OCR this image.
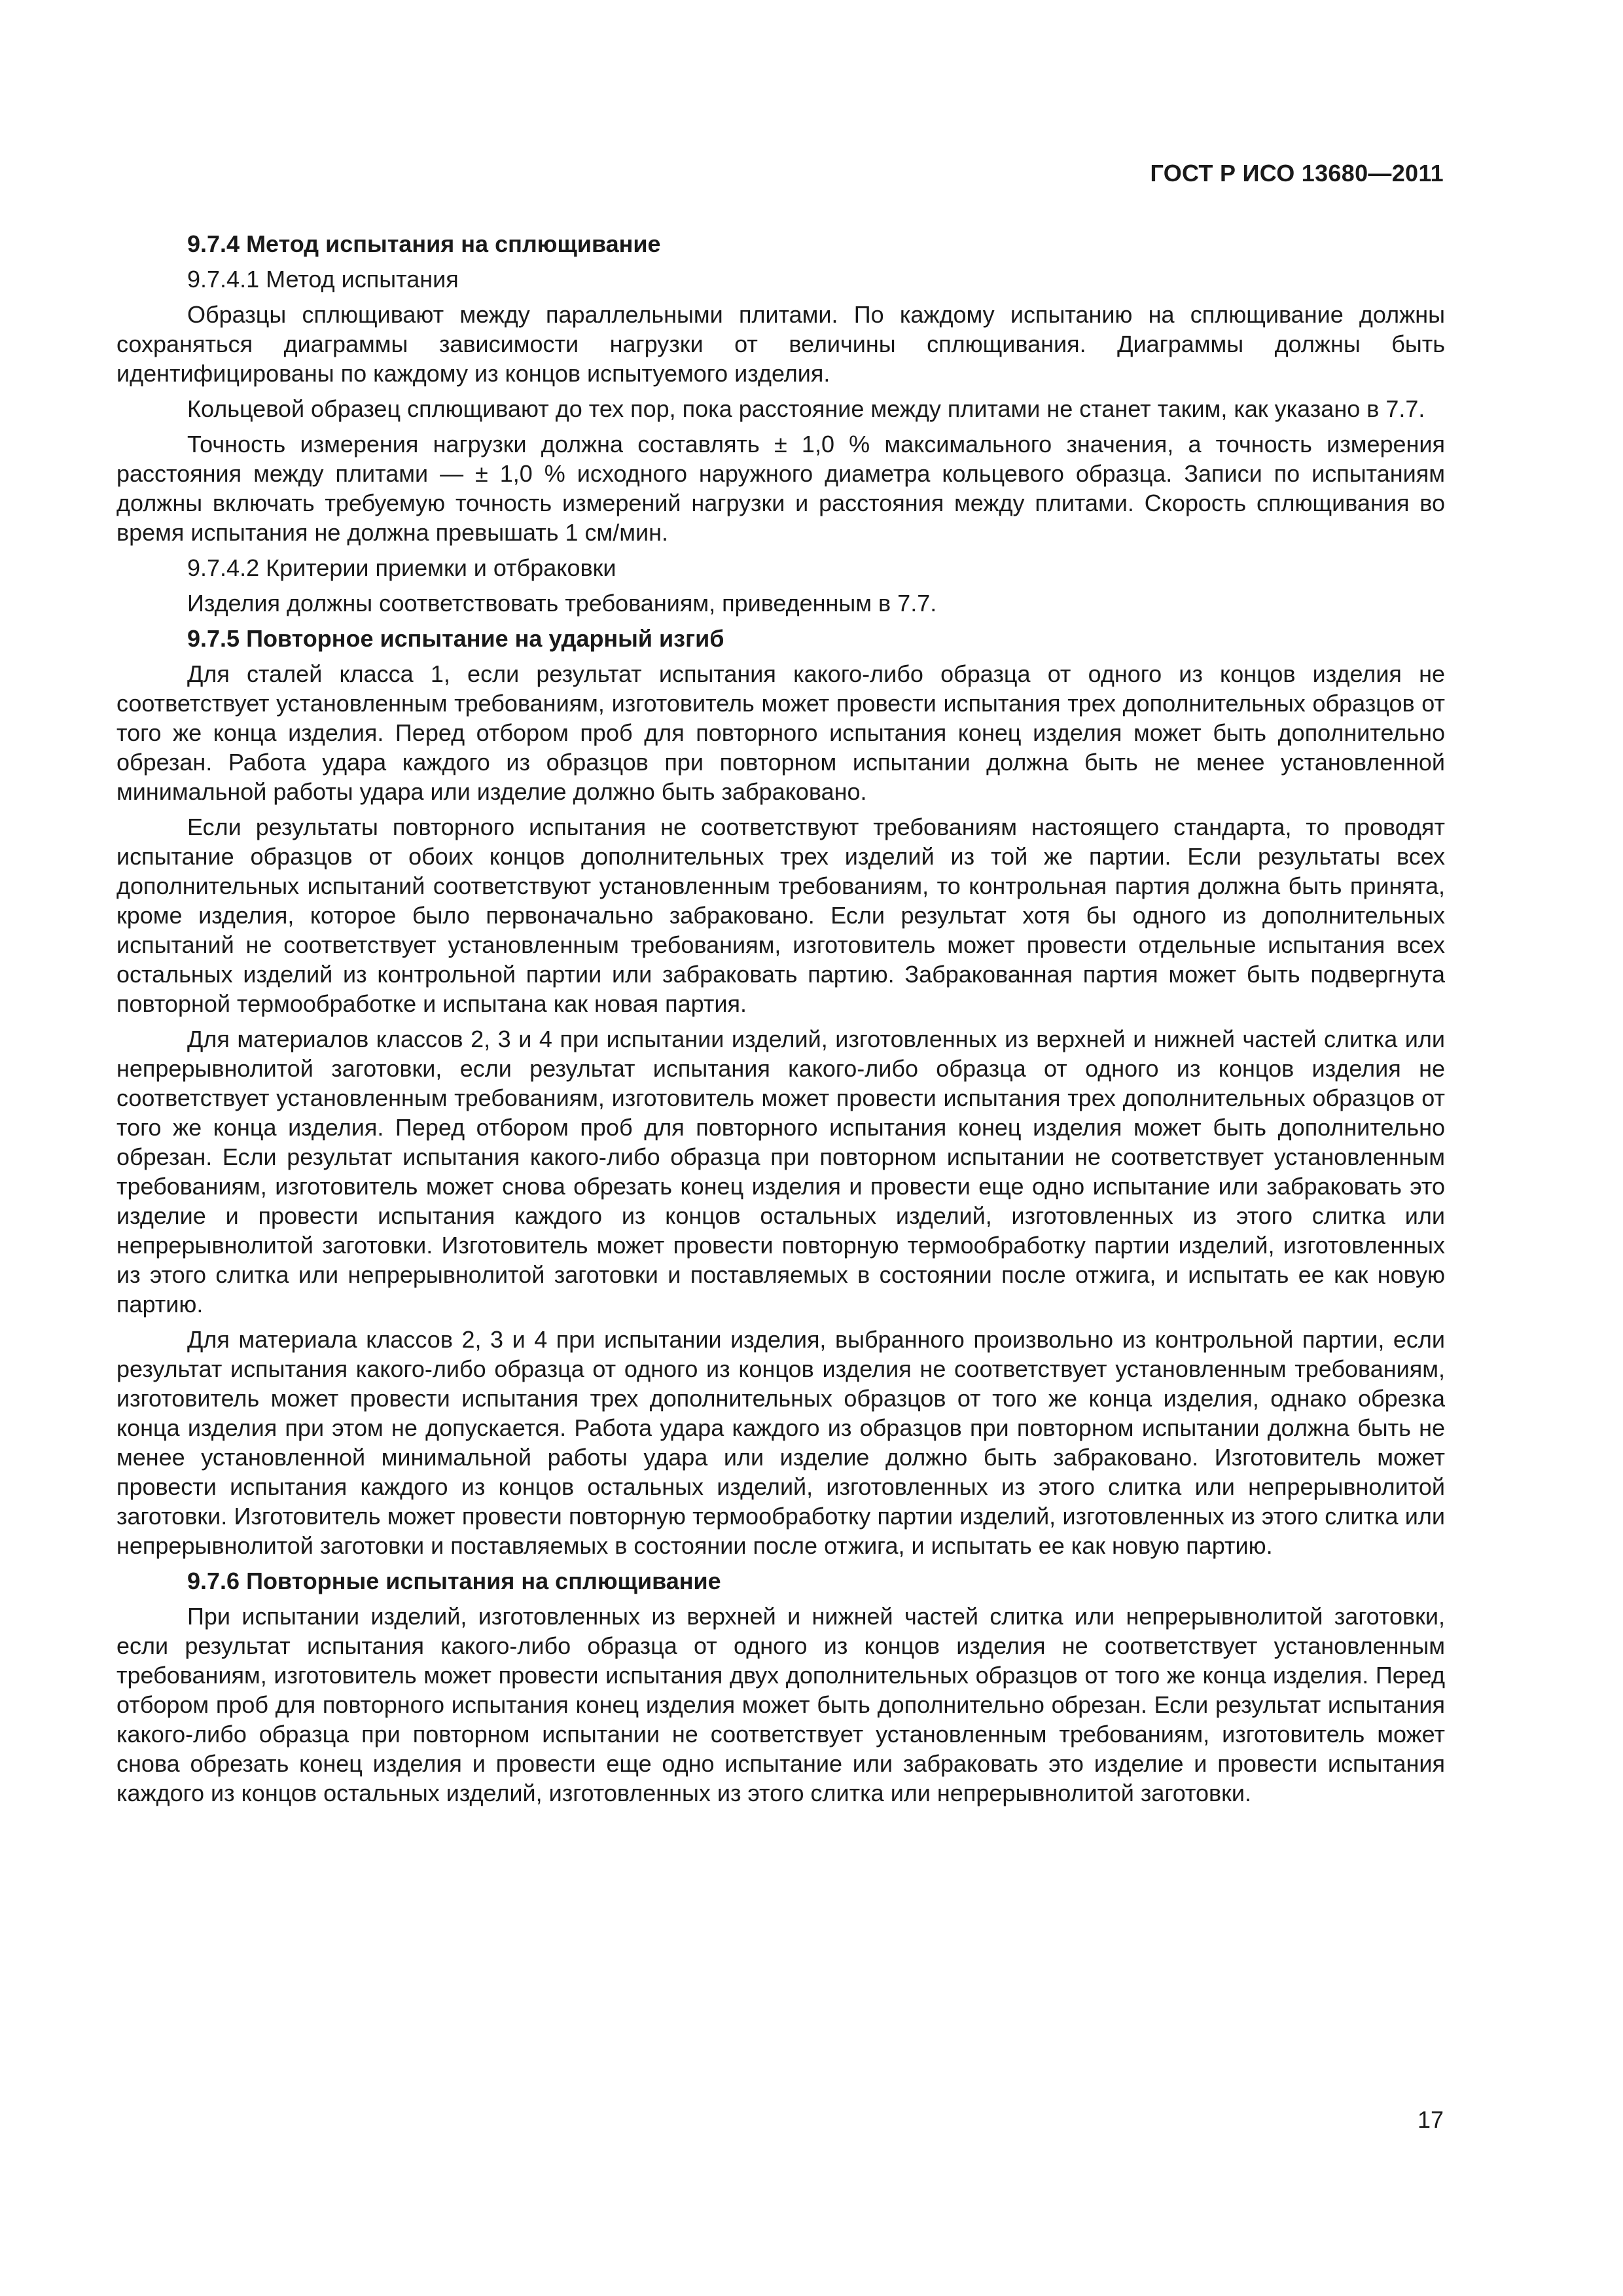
ГОСТ Р ИСО 13680—2011

9.7.4 Метод испытания на сплющивание

9.7.4.1 Метод испытания

Образцы сплющивают между параллельными плитами. По каждому испытанию на сплющивание должны сохраняться диаграммы зависимости нагрузки от величины сплющивания. Диаграммы должны быть идентифицированы по каждому из концов испытуемого изделия.

Кольцевой образец сплющивают до тех пор, пока расстояние между плитами не станет таким, как указано в 7.7.

Точность измерения нагрузки должна составлять ± 1,0 % максимального значения, а точность измерения расстояния между плитами — ± 1,0 % исходного наружного диаметра кольцевого образца. Записи по испытаниям должны включать требуемую точность измерений нагрузки и расстояния между плитами. Скорость сплющивания во время испытания не должна превышать 1 см/мин.

9.7.4.2 Критерии приемки и отбраковки

Изделия должны соответствовать требованиям, приведенным в 7.7.

9.7.5 Повторное испытание на ударный изгиб

Для сталей класса 1, если результат испытания какого-либо образца от одного из концов изделия не соответствует установленным требованиям, изготовитель может провести испытания трех дополнительных образцов от того же конца изделия. Перед отбором проб для повторного испытания конец изделия может быть дополнительно обрезан. Работа удара каждого из образцов при повторном испытании должна быть не менее установленной минимальной работы удара или изделие должно быть забраковано.

Если результаты повторного испытания не соответствуют требованиям настоящего стандарта, то проводят испытание образцов от обоих концов дополнительных трех изделий из той же партии. Если результаты всех дополнительных испытаний соответствуют установленным требованиям, то контрольная партия должна быть принята, кроме изделия, которое было первоначально забраковано. Если результат хотя бы одного из дополнительных испытаний не соответствует установленным требованиям, изготовитель может провести отдельные испытания всех остальных изделий из контрольной партии или забраковать партию. Забракованная партия может быть подвергнута повторной термообработке и испытана как новая партия.

Для материалов классов 2, 3 и 4 при испытании изделий, изготовленных из верхней и нижней частей слитка или непрерывнолитой заготовки, если результат испытания какого-либо образца от одного из концов изделия не соответствует установленным требованиям, изготовитель может провести испытания трех дополнительных образцов от того же конца изделия. Перед отбором проб для повторного испытания конец изделия может быть дополнительно обрезан. Если результат испытания какого-либо образца при повторном испытании не соответствует установленным требованиям, изготовитель может снова обрезать конец изделия и провести еще одно испытание или забраковать это изделие и провести испытания каждого из концов остальных изделий, изготовленных из этого слитка или непрерывнолитой заготовки. Изготовитель может провести повторную термообработку партии изделий, изготовленных из этого слитка или непрерывнолитой заготовки и поставляемых в состоянии после отжига, и испытать ее как новую партию.

Для материала классов 2, 3 и 4 при испытании изделия, выбранного произвольно из контрольной партии, если результат испытания какого-либо образца от одного из концов изделия не соответствует установленным требованиям, изготовитель может провести испытания трех дополнительных образцов от того же конца изделия, однако обрезка конца изделия при этом не допускается. Работа удара каждого из образцов при повторном испытании должна быть не менее установленной минимальной работы удара или изделие должно быть забраковано. Изготовитель может провести испытания каждого из концов остальных изделий, изготовленных из этого слитка или непрерывнолитой заготовки. Изготовитель может провести повторную термообработку партии изделий, изготовленных из этого слитка или непрерывнолитой заготовки и поставляемых в состоянии после отжига, и испытать ее как новую партию.

9.7.6 Повторные испытания на сплющивание

При испытании изделий, изготовленных из верхней и нижней частей слитка или непрерывнолитой заготовки, если результат испытания какого-либо образца от одного из концов изделия не соответствует установленным требованиям, изготовитель может провести испытания двух дополнительных образцов от того же конца изделия. Перед отбором проб для повторного испытания конец изделия может быть дополнительно обрезан. Если результат испытания какого-либо образца при повторном испытании не соответствует установленным требованиям, изготовитель может снова обрезать конец изделия и провести еще одно испытание или забраковать это изделие и провести испытания каждого из концов остальных изделий, изготовленных из этого слитка или непрерывнолитой заготовки.

17
